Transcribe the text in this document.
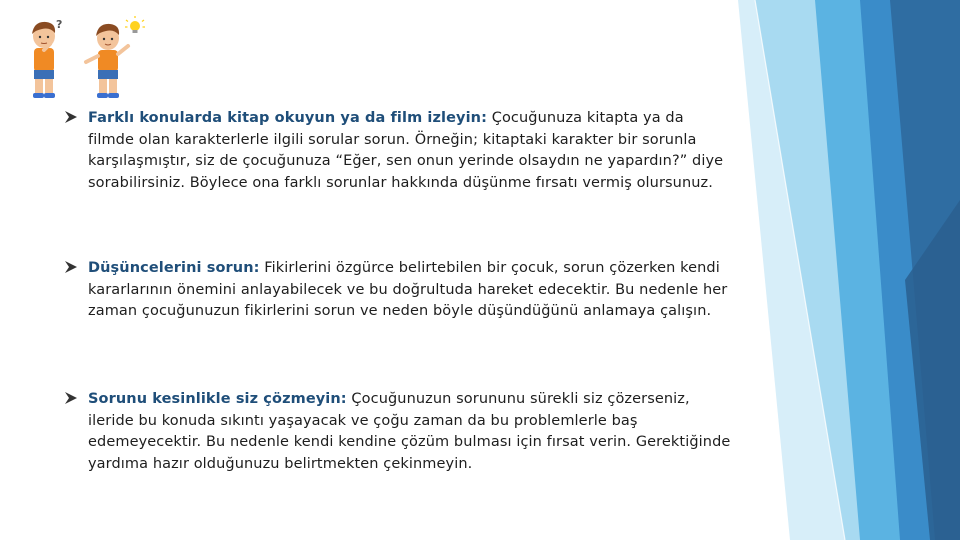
?
Farklı konularda kitap okuyun ya da film izleyin: Çocuğunuza kitapta ya da filmde olan karakterlerle ilgili sorular sorun. Örneğin; kitaptaki karakter bir sorunla karşılaşmıştır, siz de çocuğunuza “Eğer, sen onun yerinde olsaydın ne yapardın?” diye sorabilirsiniz. Böylece ona farklı sorunlar hakkında düşünme fırsatı vermiş olursunuz.
Düşüncelerini sorun: Fikirlerini özgürce belirtebilen bir çocuk, sorun çözerken kendi kararlarının önemini anlayabilecek ve bu doğrultuda hareket edecektir. Bu nedenle her zaman çocuğunuzun fikirlerini sorun ve neden böyle düşündüğünü anlamaya çalışın.
Sorunu kesinlikle siz çözmeyin: Çocuğunuzun sorununu sürekli siz çözerseniz, ileride bu konuda sıkıntı yaşayacak ve çoğu zaman da bu problemlerle baş edemeyecektir. Bu nedenle kendi kendine çözüm bulması için fırsat verin. Gerektiğinde yardıma hazır olduğunuzu belirtmekten çekinmeyin.
